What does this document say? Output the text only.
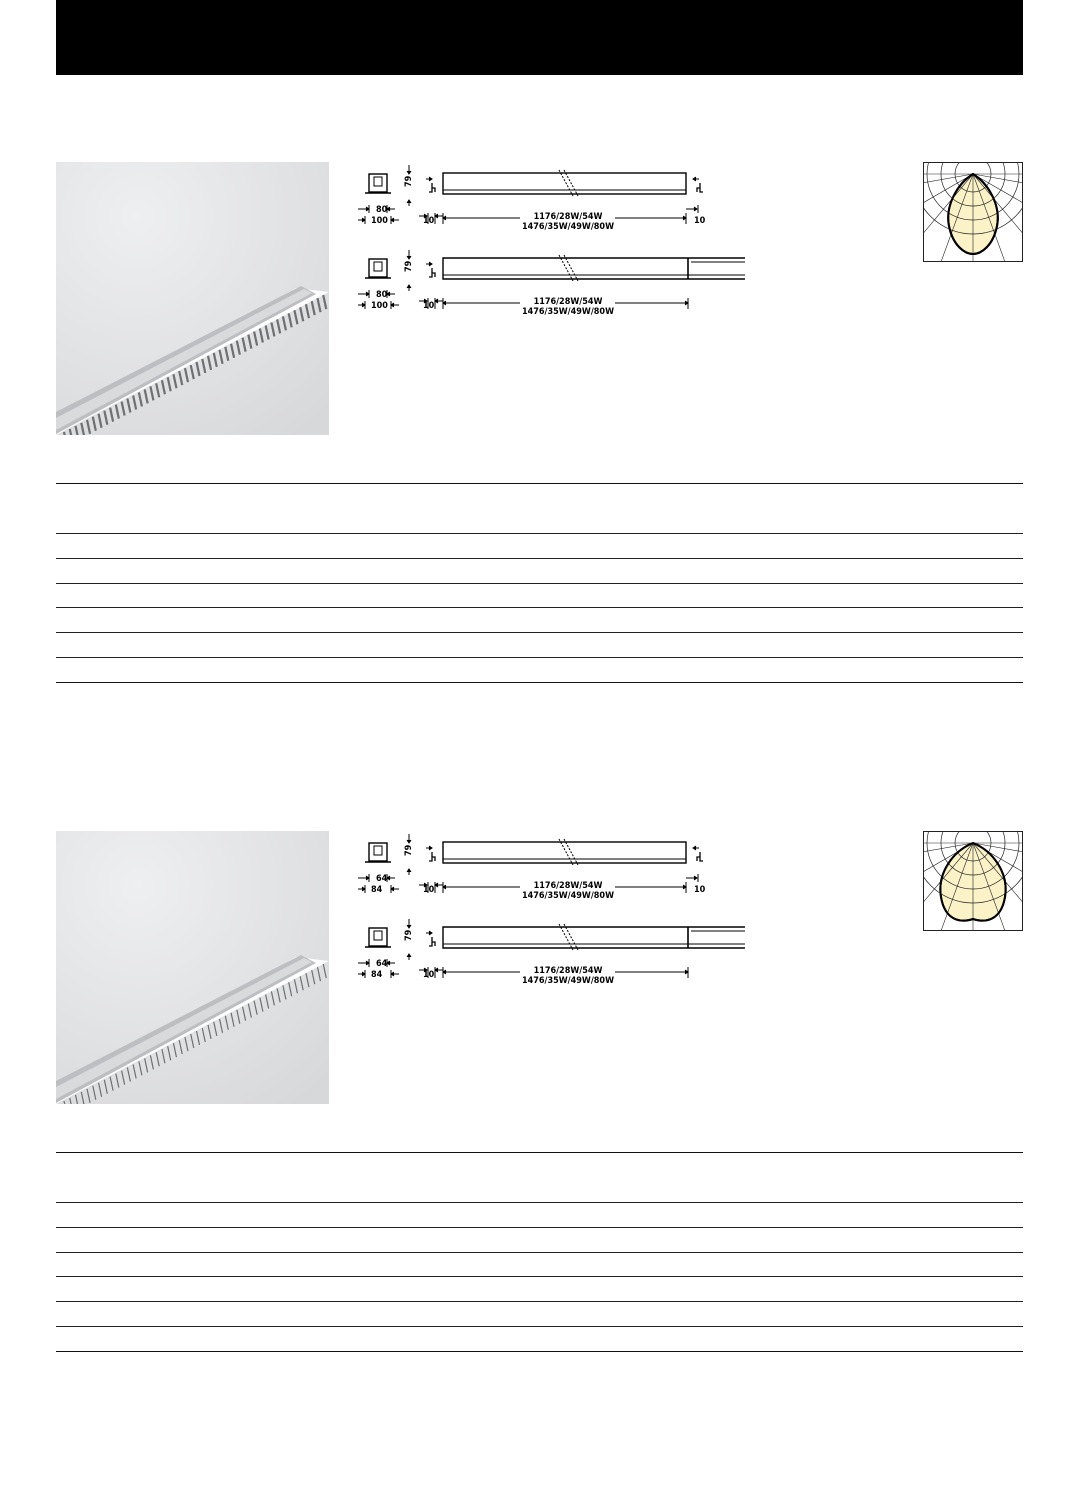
79
80
100	10	10
1176/28W/54W
1476/35W/49W/80W
79
80
100	10	1176/28W/54W
1476/35W/49W/80W
79
64
84	10	10
1176/28W/54W
1476/35W/49W/80W
79
64
84	10	1176/28W/54W
1476/35W/49W/80W
